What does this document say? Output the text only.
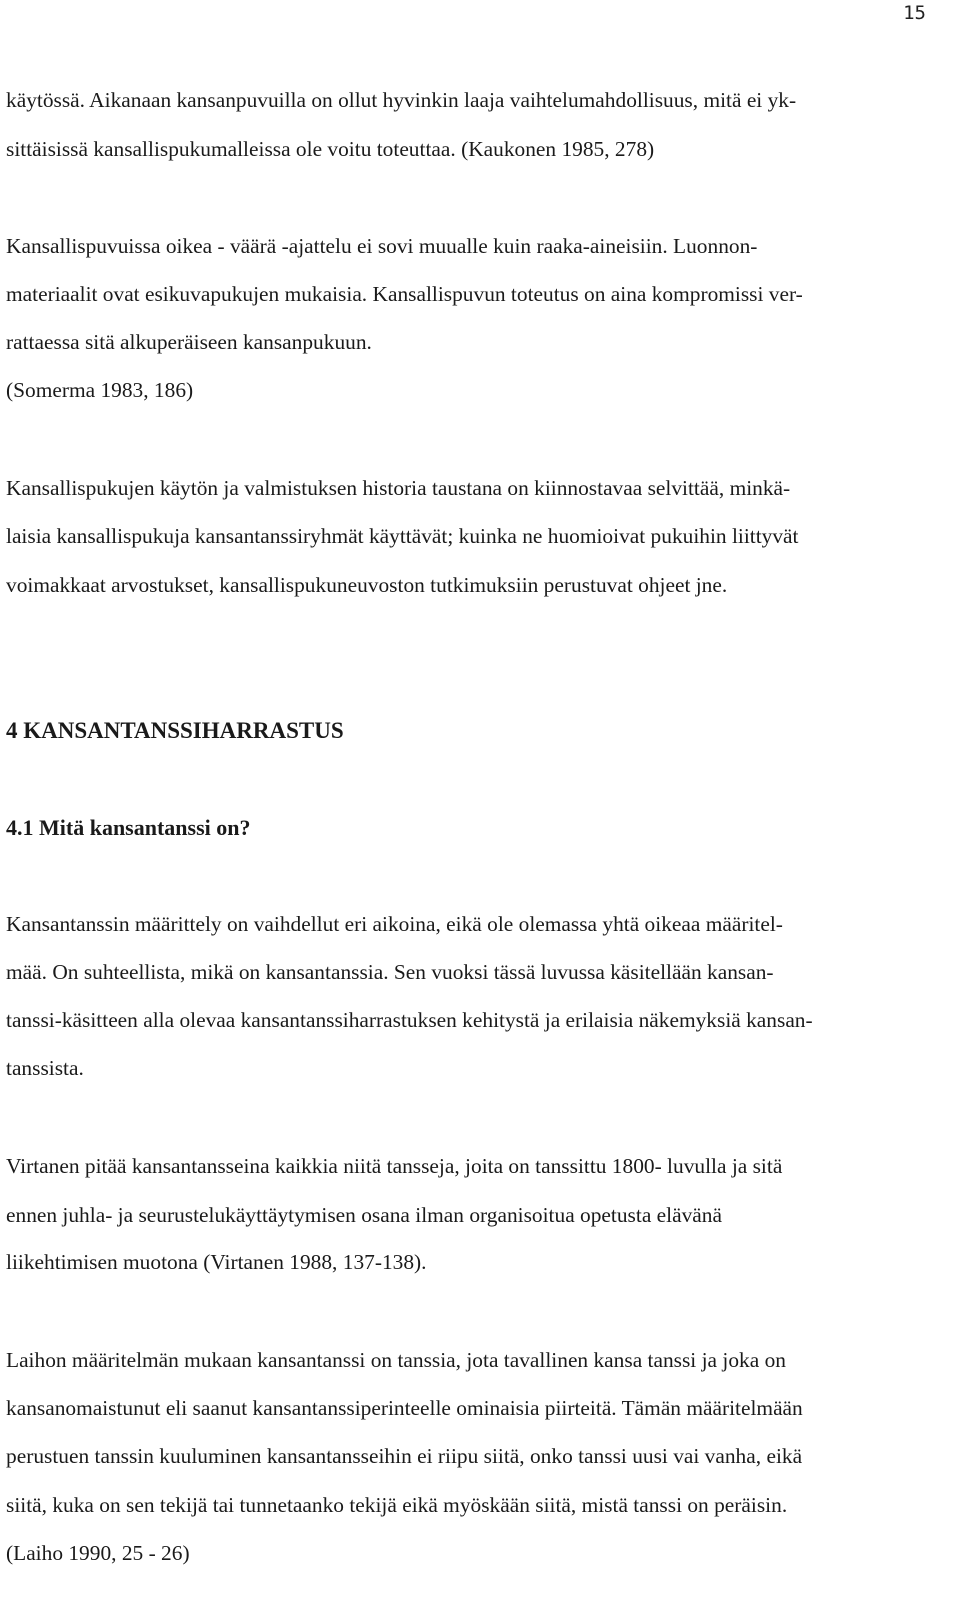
15
käytössä. Aikanaan kansanpuvuilla on ollut hyvinkin laaja vaihtelumahdollisuus, mitä ei yk-
sittäisissä kansallispukumalleissa ole voitu toteuttaa. (Kaukonen 1985, 278)
Kansallispuvuissa oikea - väärä -ajattelu ei sovi muualle kuin raaka-aineisiin. Luonnon-
materiaalit ovat esikuvapukujen mukaisia. Kansallispuvun toteutus on aina kompromissi ver-
rattaessa sitä alkuperäiseen kansanpukuun.
(Somerma 1983, 186)
Kansallispukujen käytön ja valmistuksen historia taustana on kiinnostavaa selvittää, minkä-
laisia kansallispukuja kansantanssiryhmät käyttävät; kuinka ne huomioivat pukuihin liittyvät
voimakkaat arvostukset, kansallispukuneuvoston tutkimuksiin perustuvat ohjeet jne.
4 KANSANTANSSIHARRASTUS
4.1 Mitä kansantanssi on?
Kansantanssin määrittely on vaihdellut eri aikoina, eikä ole olemassa yhtä oikeaa määritel-
mää. On suhteellista, mikä on kansantanssia. Sen vuoksi tässä luvussa käsitellään kansan-
tanssi-käsitteen alla olevaa kansantanssiharrastuksen kehitystä ja erilaisia näkemyksiä kansan-
tanssista.
Virtanen pitää kansantansseina kaikkia niitä tansseja, joita on tanssittu 1800- luvulla ja sitä
ennen juhla- ja seurustelukäyttäytymisen osana ilman organisoitua opetusta elävänä
liikehtimisen muotona (Virtanen 1988, 137-138).
Laihon määritelmän mukaan kansantanssi on tanssia, jota tavallinen kansa tanssi ja joka on
kansanomaistunut eli saanut kansantanssiperinteelle ominaisia piirteitä. Tämän määritelmään
perustuen tanssin kuuluminen kansantansseihin ei riipu siitä, onko tanssi uusi vai vanha, eikä
siitä, kuka on sen tekijä tai tunnetaanko tekijä eikä myöskään siitä, mistä tanssi on peräisin.
(Laiho 1990, 25 - 26)
